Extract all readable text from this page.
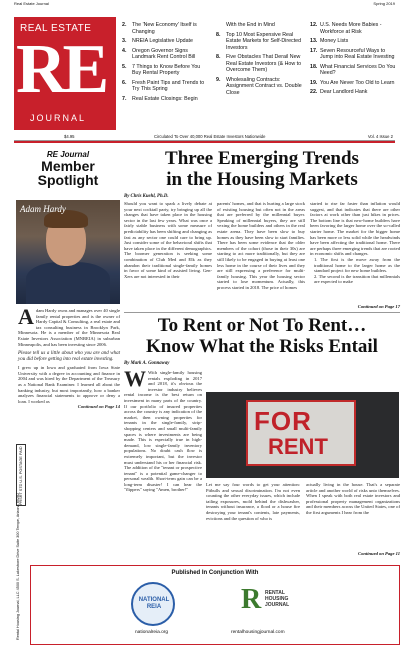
Real Estate Journal	Spring 2019
REAL ESTATE
RE
JOURNAL
2.	The 'New Economy' Itself is Changing
3.	NREIA Legislative Update
4.	Oregon Governor Signs Landmark Rent Control Bill
5.	7 Things to Know Before You Buy Rental Property
6.	Fresh Paint Tips and Trends to Try This Spring
7.	Real Estate Closings: Begin
With the End in Mind
8.	Top 10 Most Expensive Real Estate Markets for Self-Directed Investors
8.	Five Obstacles That Derail New Real Estate Investors (& How to Overcome Them)
9.	Wholesaling Contracts: Assignment Contract vs. Double Close
12. U.S. Needs More Babies - Workforce at Risk
13. Money Lists
17. Seven Resourceful Ways to Jump into Real Estate Investing
18. What Financial Services Do You Need?
19. You Are Never Too Old to Learn
22. Dear Landlord Hank
$4.95	Circulated To Over 40,000 Real Estate Investors Nationwide	Vol. 4 Issue 2
RE Journal
Member
Spotlight
Adam Hardy
Adam Hardy owns and manages over 40 single family rental properties and is the owner of Hardy Capital & Consulting, a real estate and tax consulting business in Brooklyn Park, Minnesota. He is a member of the Minnesota Real Estate Investors Association (MNREIA) in suburban Minneapolis, and has been investing since 2006.

Please tell us a little about who you are and what you did before getting into real estate investing.

I grew up in Iowa and graduated from Iowa State University with a degree in accounting and finance in 2004 and was hired by the Department of the Treasury as a National Bank Examiner. I learned all about the banking industry, but most importantly, how a banker analyzes financial statements to approve or deny a loan. I worked as

Continued on Page 14

Three Emerging Trends
in the Housing Markets
By Chris Kuehl, Ph.D.
Should you want to spark a lively debate at your next cocktail party, try bringing up all the changes that have taken place in the housing sector in the last few years. What was once a fairly stable business with some measure of predictability has been shifting and changing as fast as any sector one could care to bring up. Just consider some of the behavioral shifts that have taken place in the different demographics. The boomer generation is seeking some combination of Club Med and Elk as they abandon their traditional single-family homes in favor of some kind of assisted living. Gen-Xers are not interested in their
parents' homes, and that is hurting a large stock of existing housing but often not in the areas that are preferred by the millennial buyer. Speaking of millennial buyers, they are still vexing the home builders and others in the real estate arena. They have been slow to buy homes as they have been slow to start families. There has been some evidence that the older members of the cohort (those in their 30s) are starting to act more traditionally, but they are still likely to be engaged in buying at least one less home in the course of their lives and they are still expressing a preference for multi-family housing. This year the housing sector started to lose momentum. Actually, this process started in 2018. The price of homes
started to rise far faster than inflation would suggest, and that indicates that there are other factors at work other than just hikes in prices. The bottom line is that new-home builders have been favoring the larger home over the so-called starter home. The market for the bigger home has been more or less solid while the headwinds have been affecting the traditional home. There are perhaps three emerging trends that are rooted in economic shifts and changes.
1. The first is the move away from the traditional home to the larger home as the standard project for new home builders.
2. The second is the transition that millennials are expected to make
Continued on Page 17
To Rent or Not To Rent…
Know What the Risks Entail
By Mark A. Gonnaway
W With single-family housing rentals exploding in 2017 and 2018, it's obvious the investor industry believes rental income is the best return on investment in many parts of the country. If our portfolio of insured properties across the country is any indication of the market, then owning properties for tenants in the single-family, strip-shopping centers and small multi-family spaces is where investments are being made. This is especially true in high-demand, low single-family inventory populations. No doubt cash flow is extremely important, but the investor must understand his or her financial risk. The addition of the "tenant or prospective tenant" is a potential game-changer to personal wealth. Short-term gain can be a long-term disaster! I can hear the "flippers" saying "Amen, brother!"
FOR
RENT
Let me say four words to get your attention: Pitbulls and sexual discrimination. I'm not even counting the other everyday issues, which include tailing exposures, mold behind the dishwasher, tenants without insurance, a flood or a house fire destroying your tenant's contents, late payments, evictions and the question of who is
actually living in the house. That's a separate article and another world of risks unto themselves. When I speak with both real estate investors and professional property management organizations and their members across the United States, one of the first arguments I hear from the
Continued on Page 11
PRSRT STD U.S. POSTAGE PAID
Rental Housing Journal, LLC 4500 S. Lakeshore Drive Suite 300 Tempe, Arizona 85282	Published In Conjunction With
NATIONAL REIA	R RENTAL HOUSING JOURNAL
nationalreia.org	rentalhousingjournal.com
